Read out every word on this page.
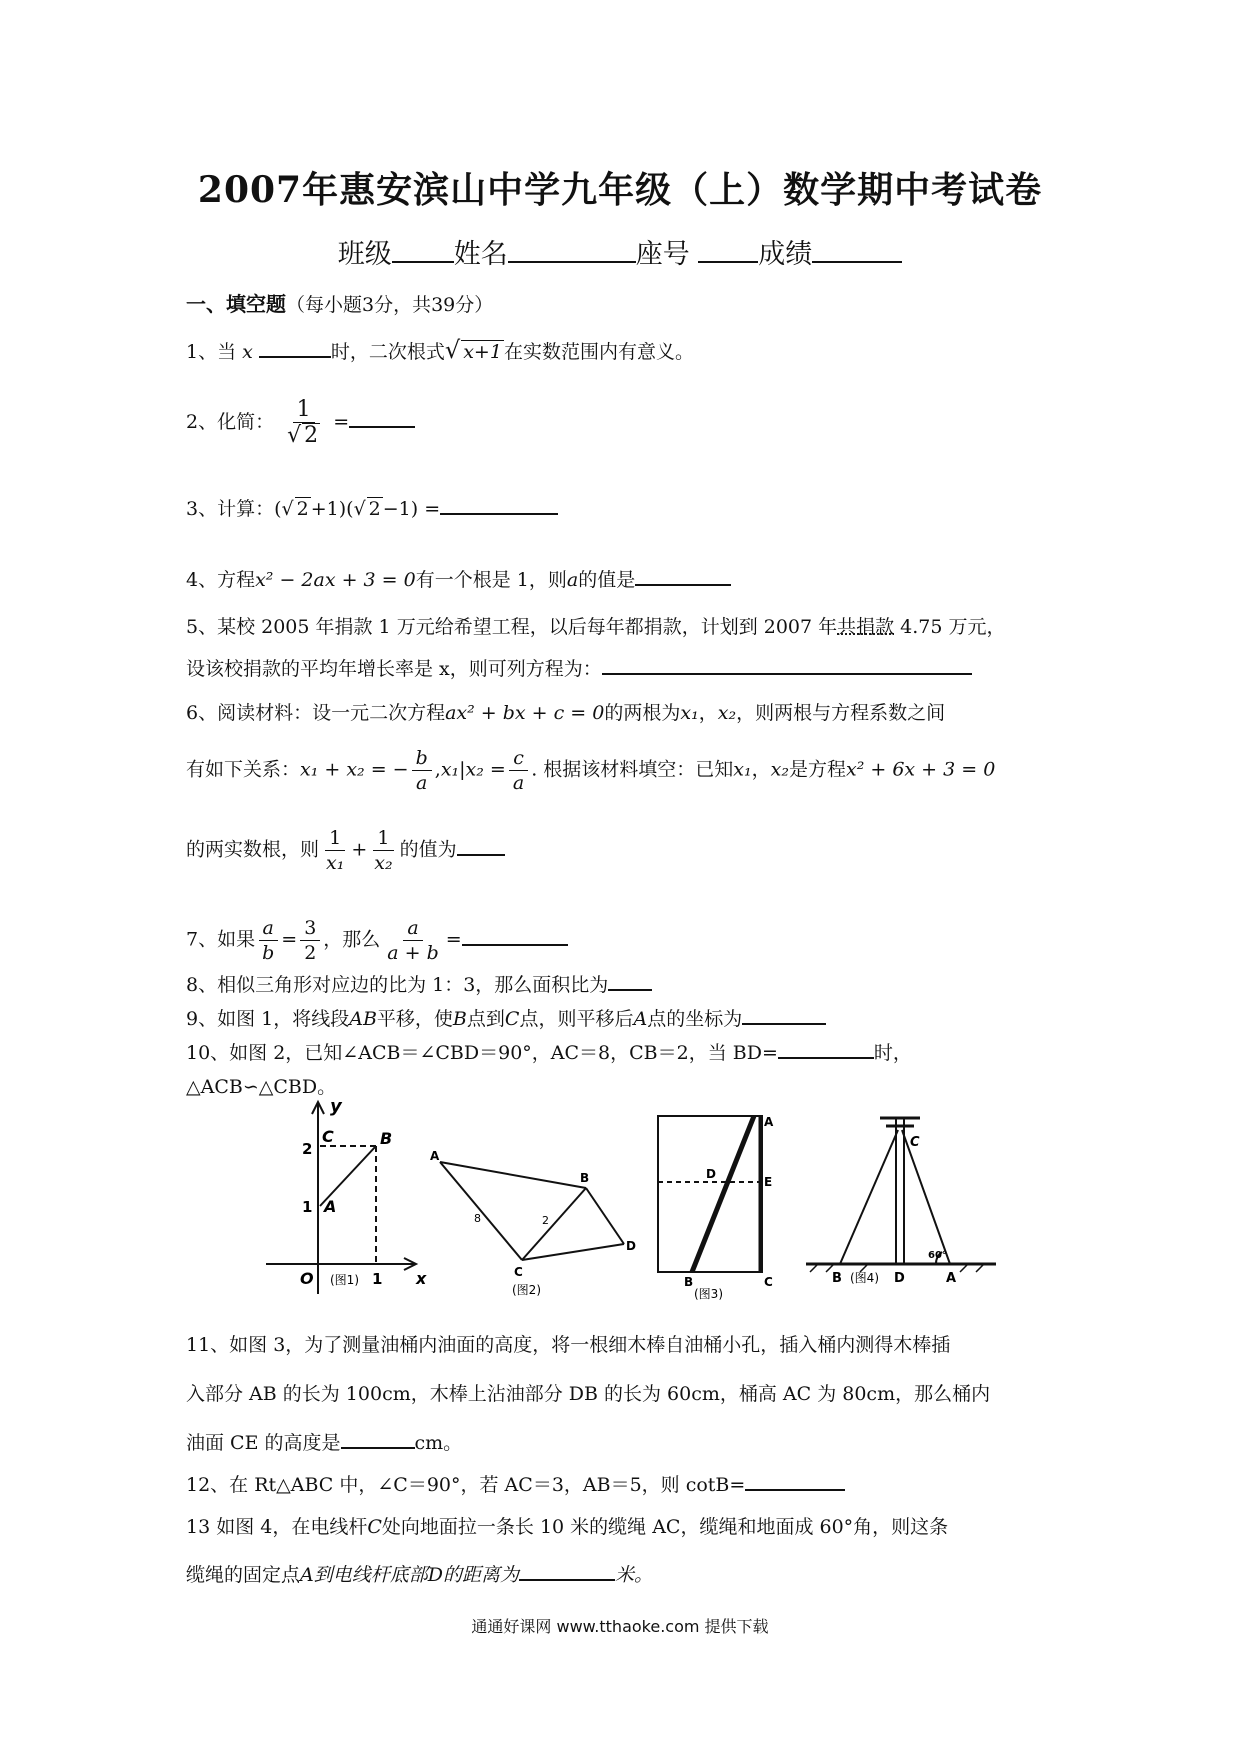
2007年惠安滨山中学九年级（上）数学期中考试卷
班级 姓名	座号	成绩
一、填空题（每小题3分，共39分）
1、当 x	时，二次根式√ x+1 在实数范围内有意义。
2、化简： $\frac{1}{√ 2}$ =
3、计算：(√ 2 +1)(√ 2 −1) =
4、方程x² − 2ax + 3 = 0有一个根是 1，则a的值是
5、某校 2005 年捐款 1 万元给希望工程，以后每年都捐款，计划到 2007 年共捐款 4.75 万元，
设该校捐款的平均年增长率是 x，则可列方程为：
6、阅读材料：设一元二次方程ax² + bx + c = 0的两根为x₁，x₂，则两根与方程系数之间
有如下关系：x₁ + x₂ = − $\frac{b}{a} ,x_1|x_2 = \frac{c}{a}$ . 根据该材料填空：已知x₁，x₂是方程x² + 6x + 3 = 0
的两实数根，则 $\frac{1}{\text{x₁}} + \frac{1}{\text{x₂}}$ 的值为
7、如果 $\frac{a}{b} = \frac{3}{2}$ ，那么 $\frac{a}{a + b}$ =
8、相似三角形对应边的比为 1：3，那么面积比为
9、如图 1，将线段AB平移，使B点到C点，则平移后A点的坐标为
10、如图 2，已知∠ACB＝∠CBD＝90°，AC＝8，CB＝2，当 BD=	时，
△ACB∽△CBD。
y
x
O
2
1
1
A
B
C
(图1)
A
B
C
D
8	2
(图2)
A
B	C
D
E
(图3)
C
B	D	A
60°
(图4)
11、如图 3，为了测量油桶内油面的高度，将一根细木棒自油桶小孔，插入桶内测得木棒插
入部分 AB 的长为 100cm，木棒上沾油部分 DB 的长为 60cm，桶高 AC 为 80cm，那么桶内
油面 CE 的高度是	cm。
12、在 Rt△ABC 中，∠C＝90°，若 AC＝3，AB＝5，则 cotB=
13 如图 4，在电线杆C处向地面拉一条长 10 米的缆绳 AC，缆绳和地面成 60°角，则这条
缆绳的固定点A到电线杆底部D的距离为	米。
通通好课网 www.tthaoke.com 提供下载
